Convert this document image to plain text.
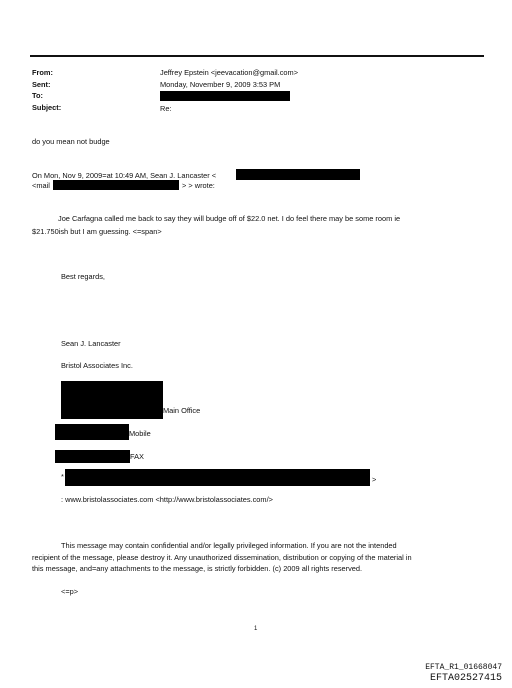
From:
Sent:
To:
Subject:
Jeffrey Epstein <jeevacation@gmail.com>
Monday, November 9, 2009 3:53 PM
Re:
do you mean not budge
On Mon, Nov 9, 2009=at 10:49 AM, Sean J. Lancaster <
<mail	> > wrote:
Joe Carfagna called me back to say they will budge off of $22.0 net. I do feel there may be some room ie
$21.750ish but I am guessing. <=span>
Best regards,
Sean J. Lancaster
Bristol Associates Inc.
Main Office
Mobile
FAX
*	>
: www.bristolassociates.com <http://www.bristolassociates.com/>
This message may contain confidential and/or legally privileged information. If you are not the intended
recipient of the message, please destroy it. Any unauthorized dissemination, distribution or copying of the material in
this message, and=any attachments to the message, is strictly forbidden. (c) 2009 all rights reserved.
<=p>
1
EFTA_R1_01668047
EFTA02527415
